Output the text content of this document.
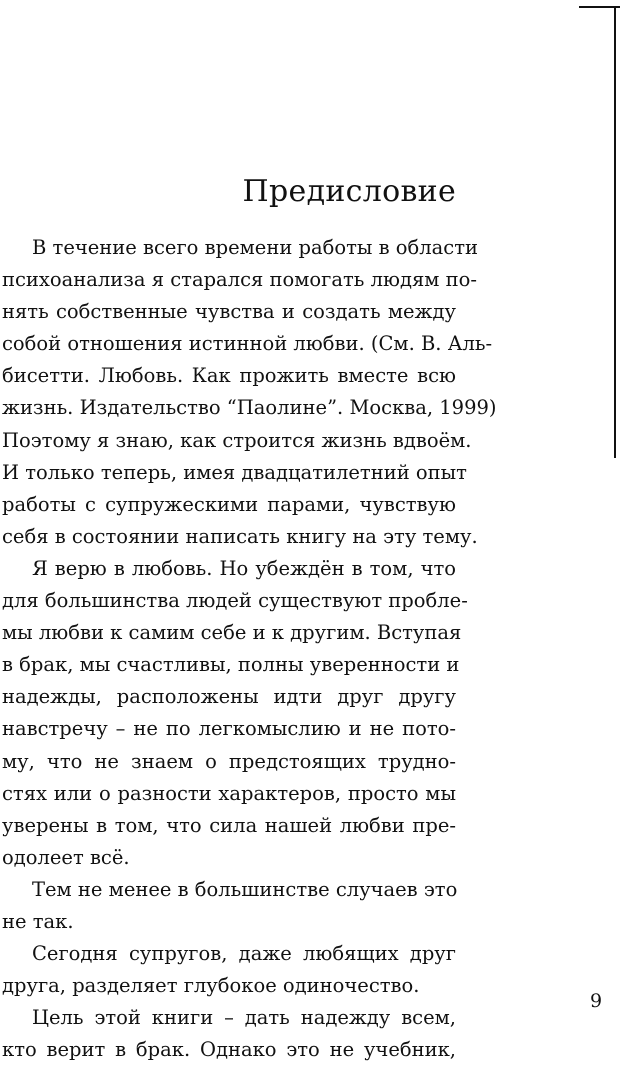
Предисловие
В течение всего времени работы в области
психоанализа я старался помогать людям по-
нять собственные чувства и создать между
собой отношения истинной любви. (См. В. Аль-
бисетти. Любовь. Как прожить вместе всю
жизнь. Издательство “Паолине”. Москва, 1999)
Поэтому я знаю, как строится жизнь вдвоём.
И только теперь, имея двадцатилетний опыт
работы с супружескими парами, чувствую
себя в состоянии написать книгу на эту тему.
Я верю в любовь. Но убеждён в том, что
для большинства людей существуют пробле-
мы любви к самим себе и к другим. Вступая
в брак, мы счастливы, полны уверенности и
надежды, расположены идти друг другу
навстречу – не по легкомыслию и не пото-
му, что не знаем о предстоящих трудно-
стях или о разности характеров, просто мы
уверены в том, что сила нашей любви пре-
одолеет всё.
Тем не менее в большинстве случаев это
не так.
Сегодня супругов, даже любящих друг
друга, разделяет глубокое одиночество.
Цель этой книги – дать надежду всем,
кто верит в брак. Однако это не учебник,
9
